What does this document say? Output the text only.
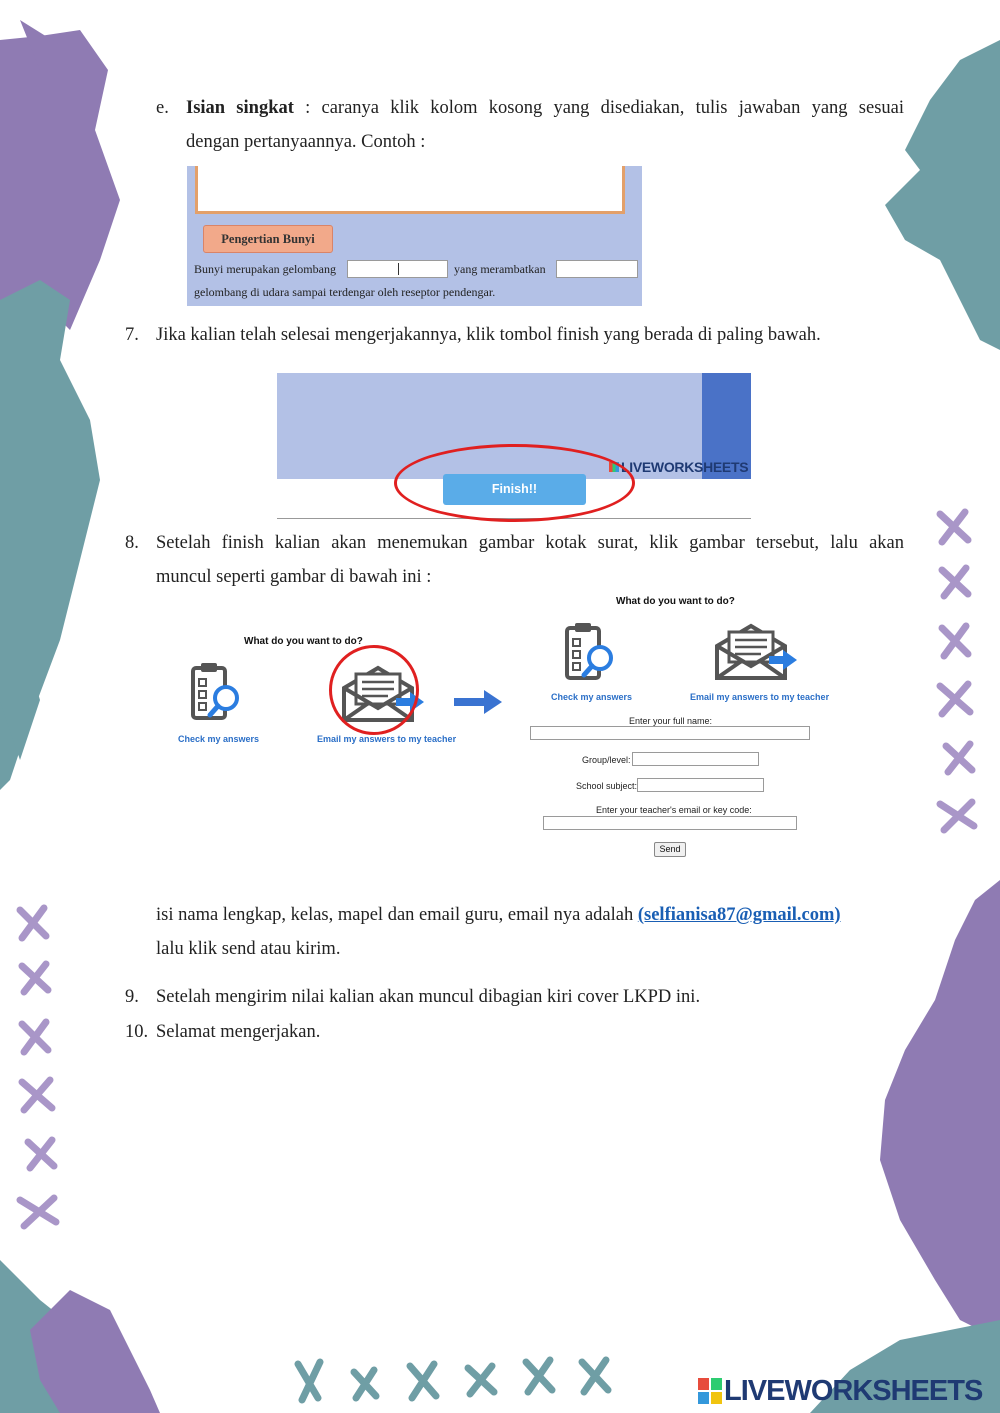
e. Isian singkat : caranya klik kolom kosong yang disediakan, tulis jawaban yang sesuai
dengan pertanyaannya. Contoh :
Pengertian Bunyi
Bunyi merupakan gelombang	yang merambatkan
gelombang di udara sampai terdengar oleh reseptor pendengar.
7. Jika kalian telah selesai mengerjakannya, klik tombol finish yang berada di paling bawah.
LIVEWORKSHEETS
Finish!!
8. Setelah finish kalian akan menemukan gambar kotak surat, klik gambar tersebut, lalu akan
muncul seperti gambar di bawah ini :
What do you want to do?
Check my answers	Email my answers to my teacher
What do you want to do?
Check my answers	Email my answers to my teacher
Enter your full name:
Group/level:
School subject:
Enter your teacher's email or key code:
Send
isi nama lengkap, kelas, mapel dan email guru, email nya adalah (selfianisa87@gmail.com)
lalu klik send atau kirim.
9. Setelah mengirim nilai kalian akan muncul dibagian kiri cover LKPD ini.
10. Selamat mengerjakan.
LIVEWORKSHEETS
